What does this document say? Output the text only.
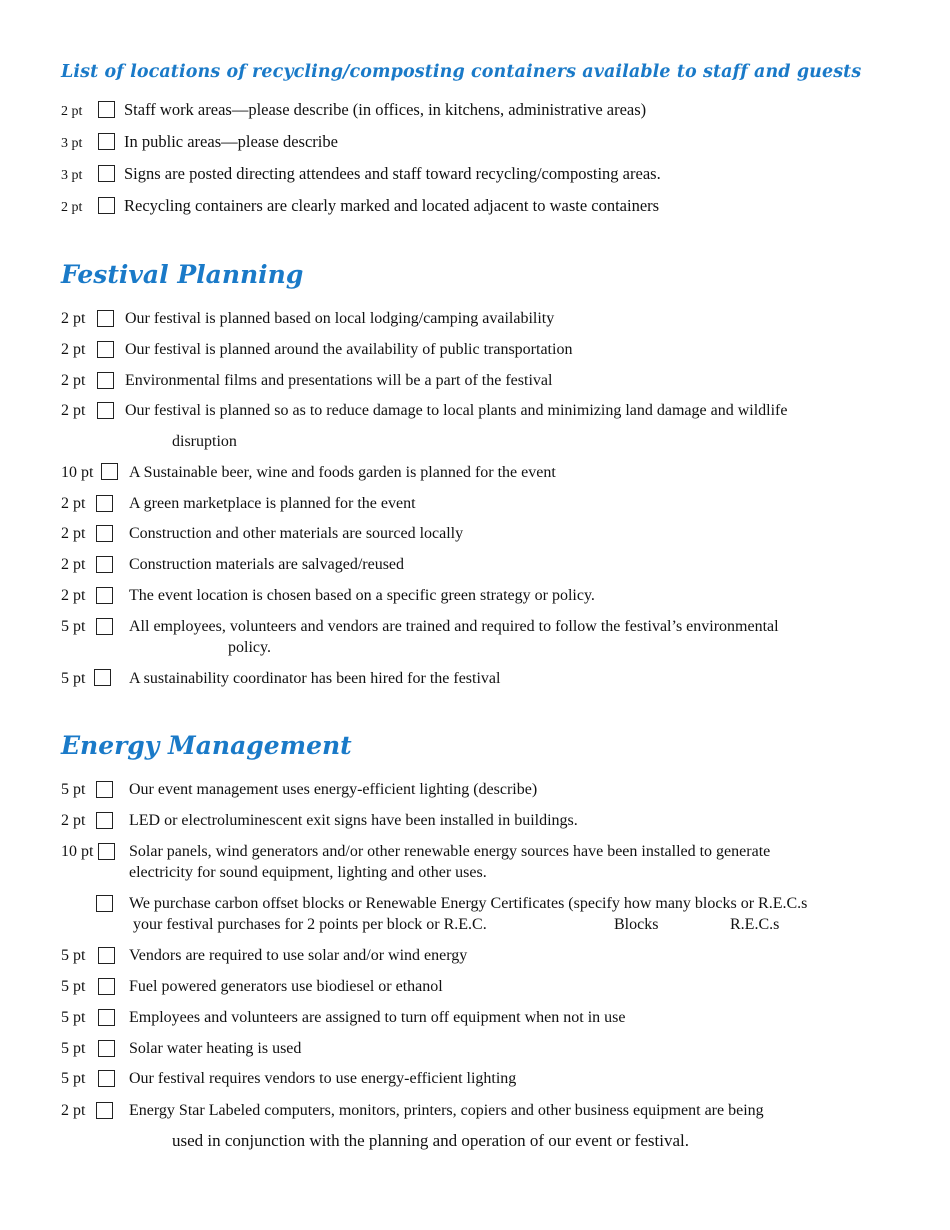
List of locations of recycling/composting containers available to staff and guests
2 pt	Staff work areas—please describe (in offices, in kitchens, administrative areas)
3 pt	In public areas—please describe
3 pt	Signs are posted directing attendees and staff toward recycling/composting areas.
2 pt	Recycling containers are clearly marked and located adjacent to waste containers
Festival Planning
2 pt Our festival is planned based on local lodging/camping availability
2 pt Our festival is planned around the availability of public transportation
2 pt Environmental films and presentations will be a part of the festival
2 pt Our festival is planned so as to reduce damage to local plants and minimizing land damage and wildlife
disruption
10 pt A Sustainable beer, wine and foods garden is planned for the event
2 pt	A green marketplace is planned for the event
2 pt	Construction and other materials are sourced locally
2 pt	Construction materials are salvaged/reused
2 pt	The event location is chosen based on a specific green strategy or policy.
5 pt	All employees, volunteers and vendors are trained and required to follow the festival’s environmental
policy.
5 pt	A sustainability coordinator has been hired for the festival
Energy Management
5 pt	Our event management uses energy-efficient lighting (describe)
2 pt	LED or electroluminescent exit signs have been installed in buildings.
10 pt Solar panels, wind generators and/or other renewable energy sources have been installed to generate
electricity for sound equipment, lighting and other uses.
We purchase carbon offset blocks or Renewable Energy Certificates (specify how many blocks or R.E.C.s
your festival purchases for 2 points per block or R.E.C.	Blocks	R.E.C.s
5 pt	Vendors are required to use solar and/or wind energy
5 pt	Fuel powered generators use biodiesel or ethanol
5 pt	Employees and volunteers are assigned to turn off equipment when not in use
5 pt	Solar water heating is used
5 pt	Our festival requires vendors to use energy-efficient lighting
2 pt	Energy Star Labeled computers, monitors, printers, copiers and other business equipment are being
used in conjunction with the planning and operation of our event or festival.
